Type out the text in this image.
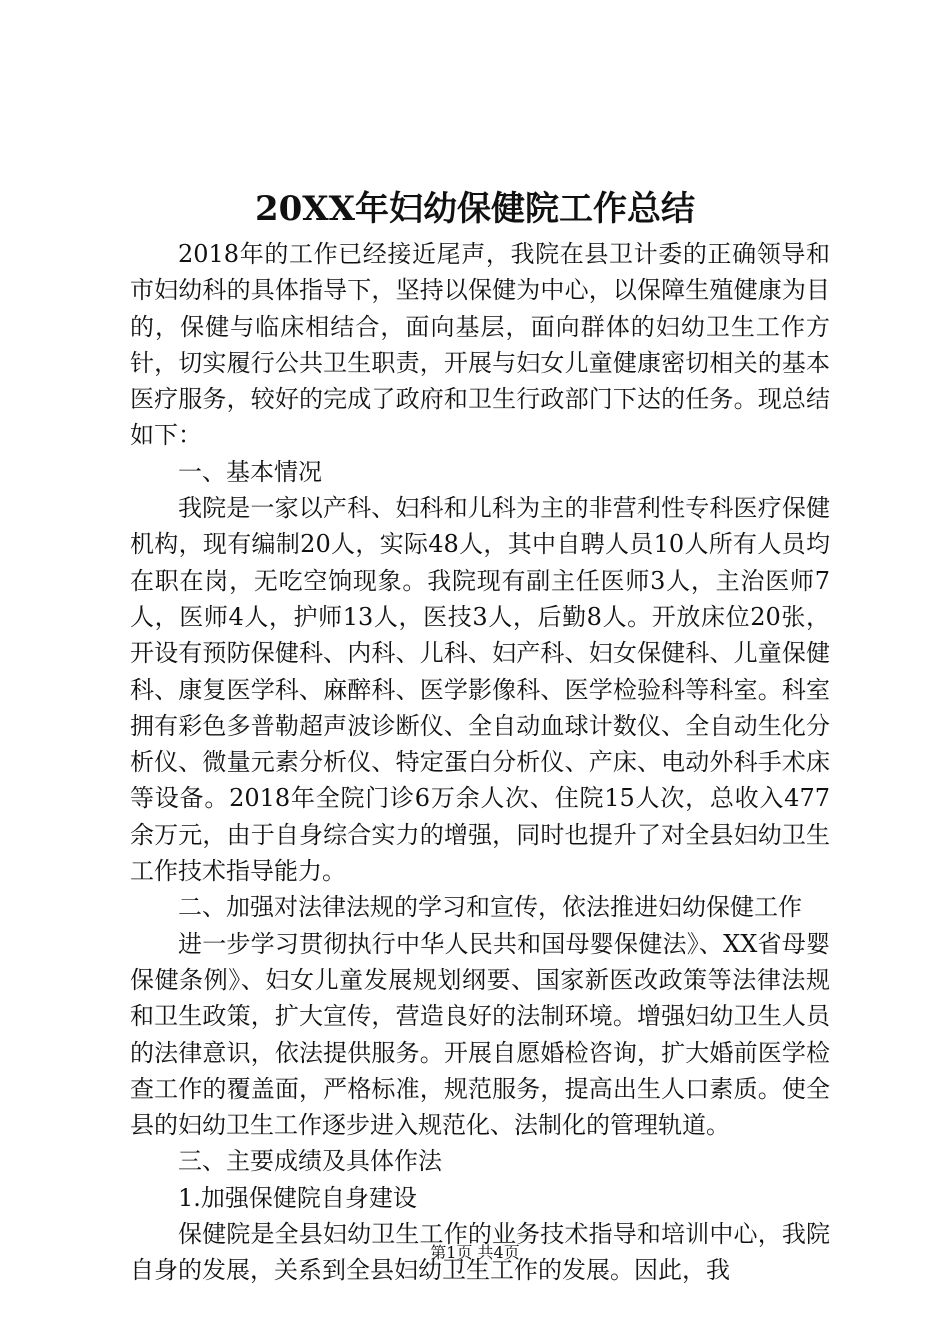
20XX年妇幼保健院工作总结

2018年的工作已经接近尾声，我院在县卫计委的正确领导和市妇幼科的具体指导下，坚持以保健为中心，以保障生殖健康为目的，保健与临床相结合，面向基层，面向群体的妇幼卫生工作方针，切实履行公共卫生职责，开展与妇女儿童健康密切相关的基本医疗服务，较好的完成了政府和卫生行政部门下达的任务。现总结如下：

一、基本情况

我院是一家以产科、妇科和儿科为主的非营利性专科医疗保健机构，现有编制20人，实际48人，其中自聘人员10人所有人员均在职在岗，无吃空饷现象。我院现有副主任医师3人，主治医师7人，医师4人，护师13人，医技3人，后勤8人。开放床位20张，开设有预防保健科、内科、儿科、妇产科、妇女保健科、儿童保健科、康复医学科、麻醉科、医学影像科、医学检验科等科室。科室拥有彩色多普勒超声波诊断仪、全自动血球计数仪、全自动生化分析仪、微量元素分析仪、特定蛋白分析仪、产床、电动外科手术床等设备。2018年全院门诊6万余人次、住院15人次，总收入477余万元，由于自身综合实力的增强，同时也提升了对全县妇幼卫生工作技术指导能力。

二、加强对法律法规的学习和宣传，依法推进妇幼保健工作

进一步学习贯彻执行中华人民共和国母婴保健法》、XX省母婴保健条例》、妇女儿童发展规划纲要、国家新医改政策等法律法规和卫生政策，扩大宣传，营造良好的法制环境。增强妇幼卫生人员的法律意识，依法提供服务。开展自愿婚检咨询，扩大婚前医学检查工作的覆盖面，严格标准，规范服务，提高出生人口素质。使全县的妇幼卫生工作逐步进入规范化、法制化的管理轨道。

三、主要成绩及具体作法

1.加强保健院自身建设

保健院是全县妇幼卫生工作的业务技术指导和培训中心，我院自身的发展，关系到全县妇幼卫生工作的发展。因此，我

第1页 共4页
